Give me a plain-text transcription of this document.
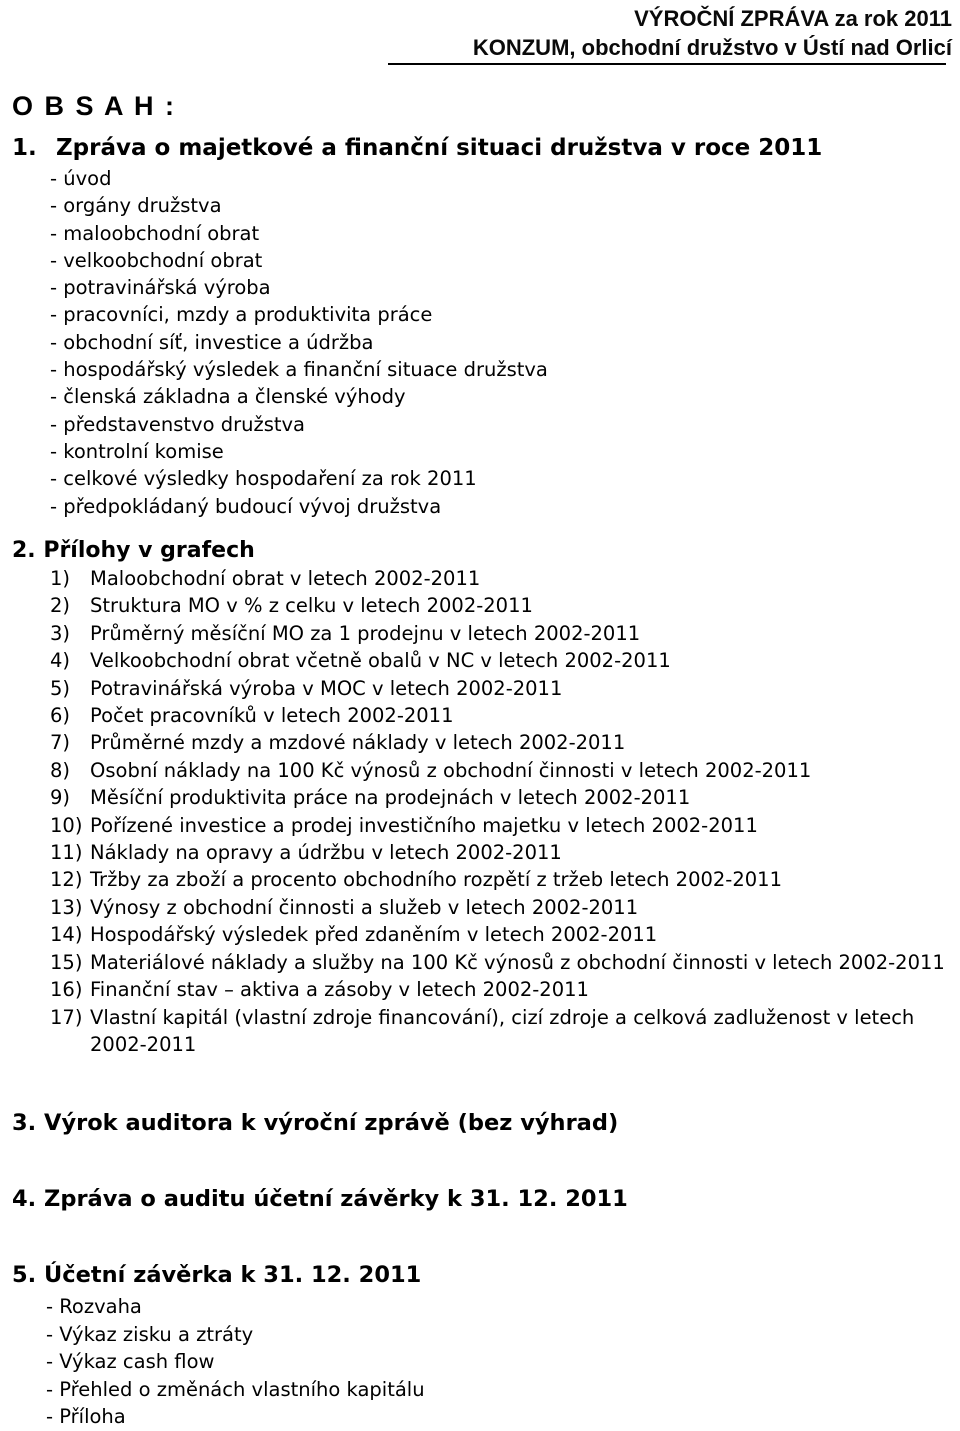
VÝROČNÍ ZPRÁVA za rok 2011
KONZUM, obchodní družstvo v Ústí nad Orlicí
O B S A H :
1. Zpráva o majetkové a finanční situaci družstva v roce 2011
- úvod
- orgány družstva
- maloobchodní obrat
- velkoobchodní obrat
- potravinářská výroba
- pracovníci, mzdy a produktivita práce
- obchodní síť, investice a údržba
- hospodářský výsledek a finanční situace družstva
- členská základna a členské výhody
- představenstvo družstva
- kontrolní komise
- celkové výsledky hospodaření za rok 2011
- předpokládaný budoucí vývoj družstva
2. Přílohy v grafech
1) Maloobchodní obrat v letech 2002-2011
2) Struktura MO v % z celku v letech 2002-2011
3) Průměrný měsíční MO za 1 prodejnu v letech 2002-2011
4) Velkoobchodní obrat včetně obalů v NC v letech 2002-2011
5) Potravinářská výroba v MOC v letech 2002-2011
6) Počet pracovníků v letech 2002-2011
7) Průměrné mzdy a mzdové náklady v letech 2002-2011
8) Osobní náklady na 100 Kč výnosů z obchodní činnosti v letech 2002-2011
9) Měsíční produktivita práce na prodejnách v letech 2002-2011
10) Pořízené investice a prodej investičního majetku v letech 2002-2011
11) Náklady na opravy a údržbu v letech 2002-2011
12) Tržby za zboží a procento obchodního rozpětí z tržeb letech 2002-2011
13) Výnosy z obchodní činnosti a služeb v letech 2002-2011
14) Hospodářský výsledek před zdaněním v letech 2002-2011
15) Materiálové náklady a služby na 100 Kč výnosů z obchodní činnosti v letech 2002-2011
16) Finanční stav – aktiva a zásoby v letech 2002-2011
17) Vlastní kapitál (vlastní zdroje financování), cizí zdroje a celková zadluženost v letech 2002-2011
3. Výrok auditora k výroční zprávě (bez výhrad)
4. Zpráva o auditu účetní závěrky k 31. 12. 2011
5. Účetní závěrka k 31. 12. 2011
- Rozvaha
- Výkaz zisku a ztráty
- Výkaz cash flow
- Přehled o změnách vlastního kapitálu
- Příloha
